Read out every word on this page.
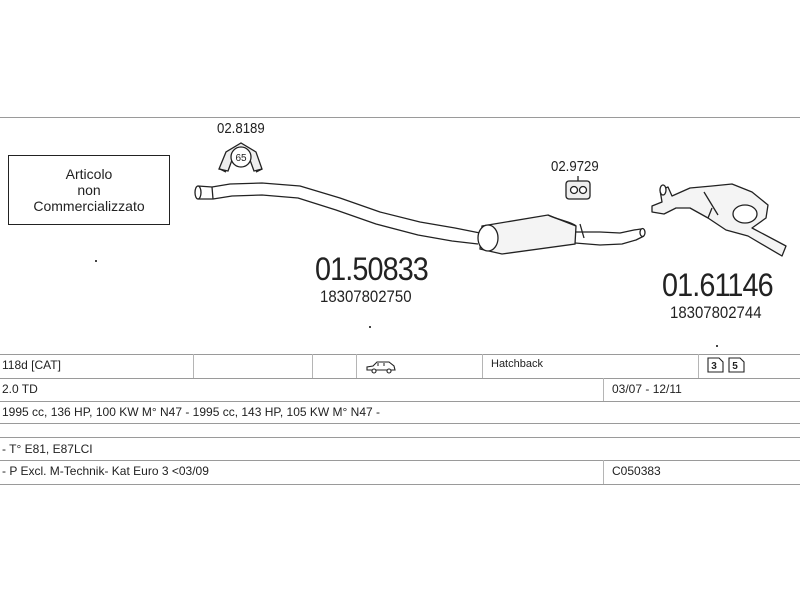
65
Articolo
non
Commercializzato
02.8189
02.9729
01.50833
18307802750	01.61146
18307802744
118d [CAT]	Hatchback	3 5
2.0 TD	03/07 - 12/11
1995 cc, 136 HP, 100 KW M° N47 - 1995 cc, 143 HP, 105 KW M° N47 -
- T° E81, E87LCI
- P Excl. M-Technik- Kat Euro 3 <03/09	C050383
